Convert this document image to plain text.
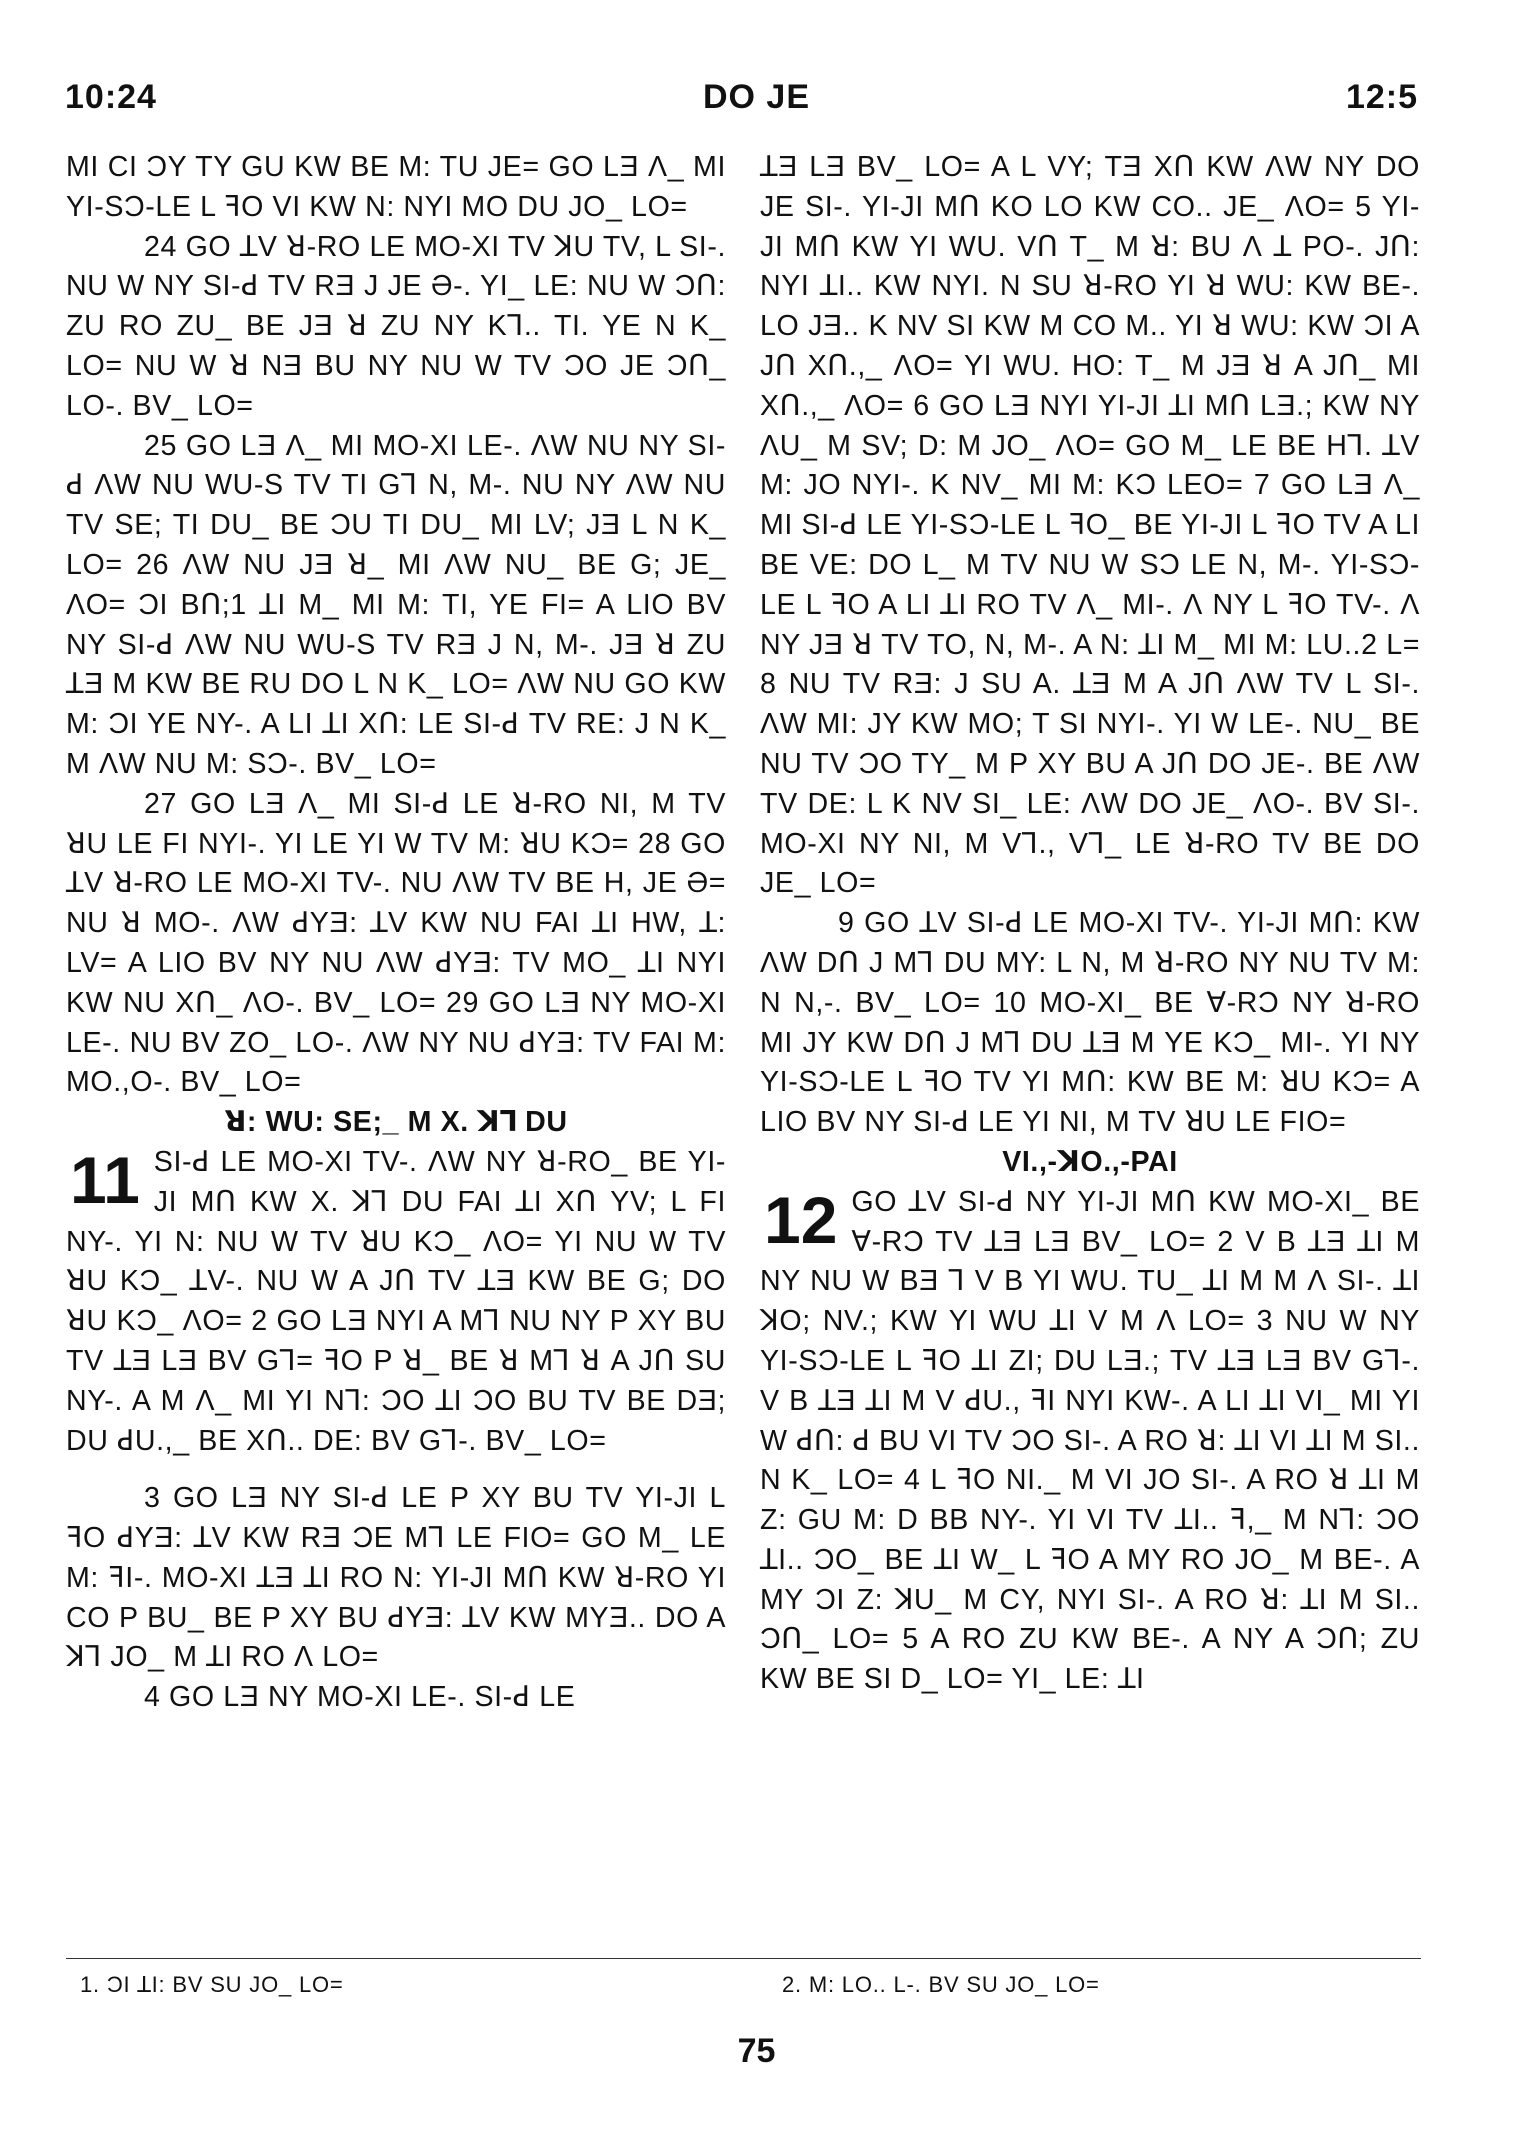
10:24	DO JE	12:5

MI CI ƆY TY GU KW BE M: TU JE= GO LƎ Ʌ_ MI YI-SƆ-LE L ꟻO VI KW N: NYI MO DU JO_ LO=

24 GO ꓕV ꓤ-RO LE MO-XI TV ꓘU TV, L SI-. NU W NY SI-ꓒ TV RƎ J JE Ə-. YI_ LE: NU W ƆՈ: ZU RO ZU_ BE JƎ ꓤ ZU NY K⅂.. TI. YE N K_ LO= NU W ꓤ NƎ BU NY NU W TV ƆO JE ƆՈ_ LO-. BV_ LO=

25 GO LƎ Ʌ_ MI MO-XI LE-. ɅW NU NY SI-ꓒ ɅW NU WU-S TV TI G⅂ N, M-. NU NY ɅW NU TV SE; TI DU_ BE ƆU TI DU_ MI LV; JƎ L N K_ LO= 26 ɅW NU JƎ ꓤ_ MI ɅW NU_ BE G; JE_ ɅO= ƆI BՈ;1 ꓕI M_ MI M: TI, YE FI= A LIO BV NY SI-ꓒ ɅW NU WU-S TV RƎ J N, M-. JƎ ꓤ ZU ꓕƎ M KW BE RU DO L N K_ LO= ɅW NU GO KW M: ƆI YE NY-. A LI ꓕI XՈ: LE SI-ꓒ TV RE: J N K_ M ɅW NU M: SƆ-. BV_ LO=

27 GO LƎ Ʌ_ MI SI-ꓒ LE ꓤ-RO NI, M TV ꓤU LE FI NYI-. YI LE YI W TV M: ꓤU KƆ= 28 GO ꓕV ꓤ-RO LE MO-XI TV-. NU ɅW TV BE H, JE Ə= NU ꓤ MO-. ɅW ꓒYƎ: ꓕV KW NU FAI ꓕI HW, ꓕ: LV= A LIO BV NY NU ɅW ꓒYƎ: TV MO_ ꓕI NYI KW NU XՈ_ ɅO-. BV_ LO= 29 GO LƎ NY MO-XI LE-. NU BV ZO_ LO-. ɅW NY NU ꓒYƎ: TV FAI M: MO.,O-. BV_ LO=

ꓤ: WU: SE;_ M X. ꓘ⅂ DU

11 SI-ꓒ LE MO-XI TV-. ɅW NY ꓤ-RO_ BE YI-JI MՈ KW X. ꓘ⅂ DU FAI ꓕI XՈ YV; L FI NY-. YI N: NU W TV ꓤU KƆ_ ɅO= YI NU W TV ꓤU KƆ_ ꓕV-. NU W A JՈ TV ꓕƎ KW BE G; DO ꓤU KƆ_ ɅO= 2 GO LƎ NYI A M⅂ NU NY P XY BU TV ꓕƎ LƎ BV G⅂= ꟻO P ꓤ_ BE ꓤ M⅂ ꓤ A JՈ SU NY-. A M Ʌ_ MI YI N⅂: ƆO ꓕI ƆO BU TV BE DƎ; DU ꓒU.,_ BE XՈ.. DE: BV G⅂-. BV_ LO=

3 GO LƎ NY SI-ꓒ LE P XY BU TV YI-JI L ꟻO ꓒYƎ: ꓕV KW RƎ ƆE M⅂ LE FIO= GO M_ LE M: ꟻI-. MO-XI ꓕƎ ꓕI RO N: YI-JI MՈ KW ꓤ-RO YI CO P BU_ BE P XY BU ꓒYƎ: ꓕV KW MYƎ.. DO A ꓘ⅂ JO_ M ꓕI RO Ʌ LO=

4 GO LƎ NY MO-XI LE-. SI-ꓒ LE

ꓕƎ LƎ BV_ LO= A L VY; TƎ XՈ KW ɅW NY DO JE SI-. YI-JI MՈ KO LO KW CO.. JE_ ɅO= 5 YI-JI MՈ KW YI WU. VՈ T_ M ꓤ: BU Ʌ ꓕ PO-. JՈ: NYI ꓕI.. KW NYI. N SU ꓤ-RO YI ꓤ WU: KW BE-. LO JƎ.. K NV SI KW M CO M.. YI ꓤ WU: KW ƆI A JՈ XՈ.,_ ɅO= YI WU. HO: T_ M JƎ ꓤ A JՈ_ MI XՈ.,_ ɅO= 6 GO LƎ NYI YI-JI ꓕI MՈ LƎ.; KW NY ɅU_ M SV; D: M JO_ ɅO= GO M_ LE BE H⅂. ꓕV M: JO NYI-. K NV_ MI M: KƆ LEO= 7 GO LƎ Ʌ_ MI SI-ꓒ LE YI-SƆ-LE L ꟻO_ BE YI-JI L ꟻO TV A LI BE VE: DO L_ M TV NU W SƆ LE N, M-. YI-SƆ-LE L ꟻO A LI ꓕI RO TV Ʌ_ MI-. Ʌ NY L ꟻO TV-. Ʌ NY JƎ ꓤ TV TO, N, M-. A N: ꓕI M_ MI M: LU..2 L= 8 NU TV RƎ: J SU A. ꓕƎ M A JՈ ɅW TV L SI-. ɅW MI: JY KW MO; T SI NYI-. YI W LE-. NU_ BE NU TV ƆO TY_ M P XY BU A JՈ DO JE-. BE ɅW TV DE: L K NV SI_ LE: ɅW DO JE_ ɅO-. BV SI-. MO-XI NY NI, M V⅂., V⅂_ LE ꓤ-RO TV BE DO JE_ LO=

9 GO ꓕV SI-ꓒ LE MO-XI TV-. YI-JI MՈ: KW ɅW DՈ J M⅂ DU MY: L N, M ꓤ-RO NY NU TV M: N N,-. BV_ LO= 10 MO-XI_ BE ∀-RƆ NY ꓤ-RO MI JY KW DՈ J M⅂ DU ꓕƎ M YE KƆ_ MI-. YI NY YI-SƆ-LE L ꟻO TV YI MՈ: KW BE M: ꓤU KƆ= A LIO BV NY SI-ꓒ LE YI NI, M TV ꓤU LE FIO=

VI.,-ꓘO.,-PAI

12 GO ꓕV SI-ꓒ NY YI-JI MՈ KW MO-XI_ BE ∀-RƆ TV ꓕƎ LƎ BV_ LO= 2 V B ꓕƎ ꓕI M NY NU W BƎ ⅂ V B YI WU. TU_ ꓕI M M Ʌ SI-. ꓕI ꓘO; NV.; KW YI WU ꓕI V M Ʌ LO= 3 NU W NY YI-SƆ-LE L ꟻO ꓕI ZI; DU LƎ.; TV ꓕƎ LƎ BV G⅂-. V B ꓕƎ ꓕI M V ꓒU., ꟻI NYI KW-. A LI ꓕI VI_ MI YI W ꓒՈ: ꓒ BU VI TV ƆO SI-. A RO ꓤ: ꓕI VI ꓕI M SI.. N K_ LO= 4 L ꟻO NI._ M VI JO SI-. A RO ꓤ ꓕI M Z: GU M: D BB NY-. YI VI TV ꓕI.. ꟻ,_ M N⅂: ƆO ꓕI.. ƆO_ BE ꓕI W_ L ꟻO A MY RO JO_ M BE-. A MY ƆI Z: ꓘU_ M CY, NYI SI-. A RO ꓤ: ꓕI M SI.. ƆՈ_ LO= 5 A RO ZU KW BE-. A NY A ƆՈ; ZU KW BE SI D_ LO= YI_ LE: ꓕI

1. ƆI ꓕI: BV SU JO_ LO=	2. M: LO.. L-. BV SU JO_ LO=
75
